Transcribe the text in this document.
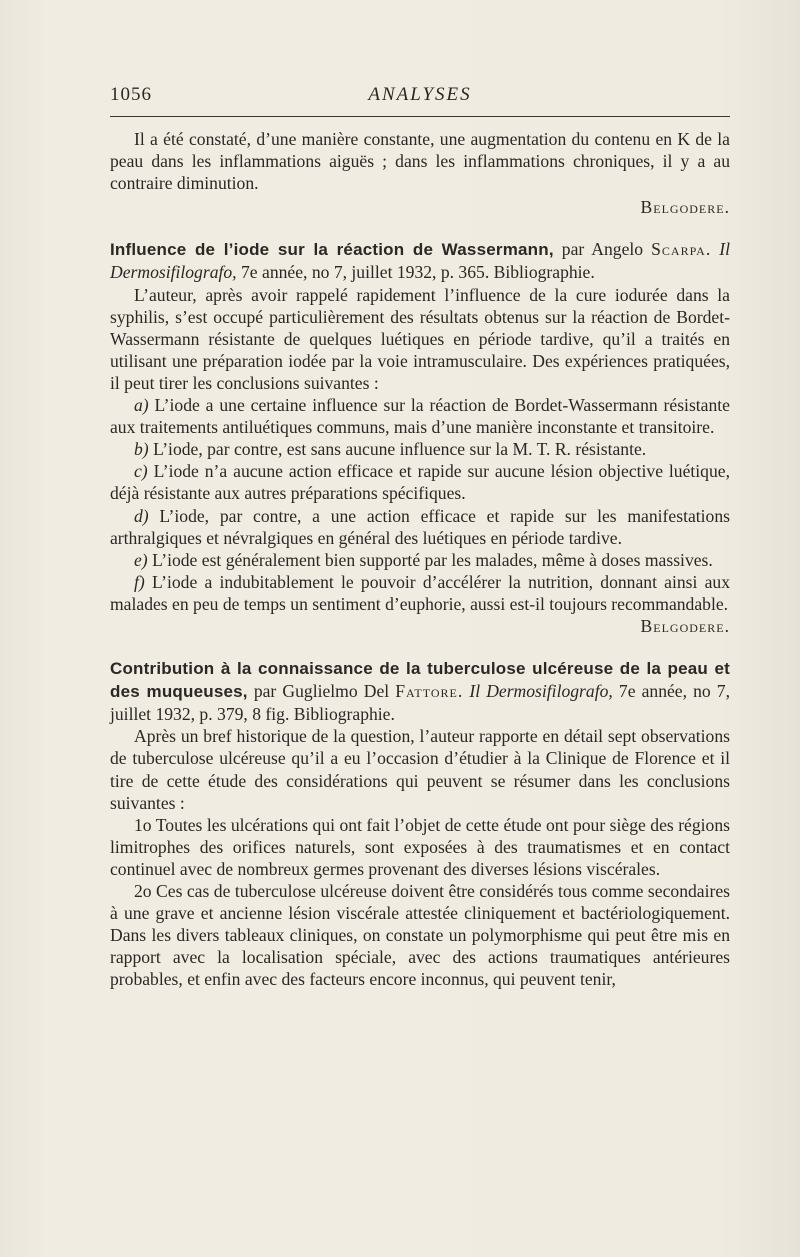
1056	ANALYSES

Il a été constaté, d’une manière constante, une augmentation du contenu en K de la peau dans les inflammations aiguës ; dans les inflammations chroniques, il y a au contraire diminution.

Belgodere.

Influence de l’iode sur la réaction de Wassermann, par Angelo Scarpa. Il Dermosifilografo, 7e année, no 7, juillet 1932, p. 365. Bibliographie.

L’auteur, après avoir rappelé rapidement l’influence de la cure iodurée dans la syphilis, s’est occupé particulièrement des résultats obtenus sur la réaction de Bordet-Wassermann résistante de quelques luétiques en période tardive, qu’il a traités en utilisant une préparation iodée par la voie intramusculaire. Des expériences pratiquées, il peut tirer les conclusions suivantes :

a) L’iode a une certaine influence sur la réaction de Bordet-Wassermann résistante aux traitements antiluétiques communs, mais d’une manière inconstante et transitoire.

b) L’iode, par contre, est sans aucune influence sur la M. T. R. résistante.

c) L’iode n’a aucune action efficace et rapide sur aucune lésion objective luétique, déjà résistante aux autres préparations spécifiques.

d) L’iode, par contre, a une action efficace et rapide sur les manifestations arthralgiques et névralgiques en général des luétiques en période tardive.

e) L’iode est généralement bien supporté par les malades, même à doses massives.

f) L’iode a indubitablement le pouvoir d’accélérer la nutrition, donnant ainsi aux malades en peu de temps un sentiment d’euphorie, aussi est-il toujours recommandable.
Belgodere.

Contribution à la connaissance de la tuberculose ulcéreuse de la peau et des muqueuses, par Guglielmo Del Fattore. Il Dermosifilografo, 7e année, no 7, juillet 1932, p. 379, 8 fig. Bibliographie.

Après un bref historique de la question, l’auteur rapporte en détail sept observations de tuberculose ulcéreuse qu’il a eu l’occasion d’étudier à la Clinique de Florence et il tire de cette étude des considérations qui peuvent se résumer dans les conclusions suivantes :

1o Toutes les ulcérations qui ont fait l’objet de cette étude ont pour siège des régions limitrophes des orifices naturels, sont exposées à des traumatismes et en contact continuel avec de nombreux germes provenant des diverses lésions viscérales.

2o Ces cas de tuberculose ulcéreuse doivent être considérés tous comme secondaires à une grave et ancienne lésion viscérale attestée cliniquement et bactériologiquement. Dans les divers tableaux cliniques, on constate un polymorphisme qui peut être mis en rapport avec la localisation spéciale, avec des actions traumatiques antérieures probables, et enfin avec des facteurs encore inconnus, qui peuvent tenir,
